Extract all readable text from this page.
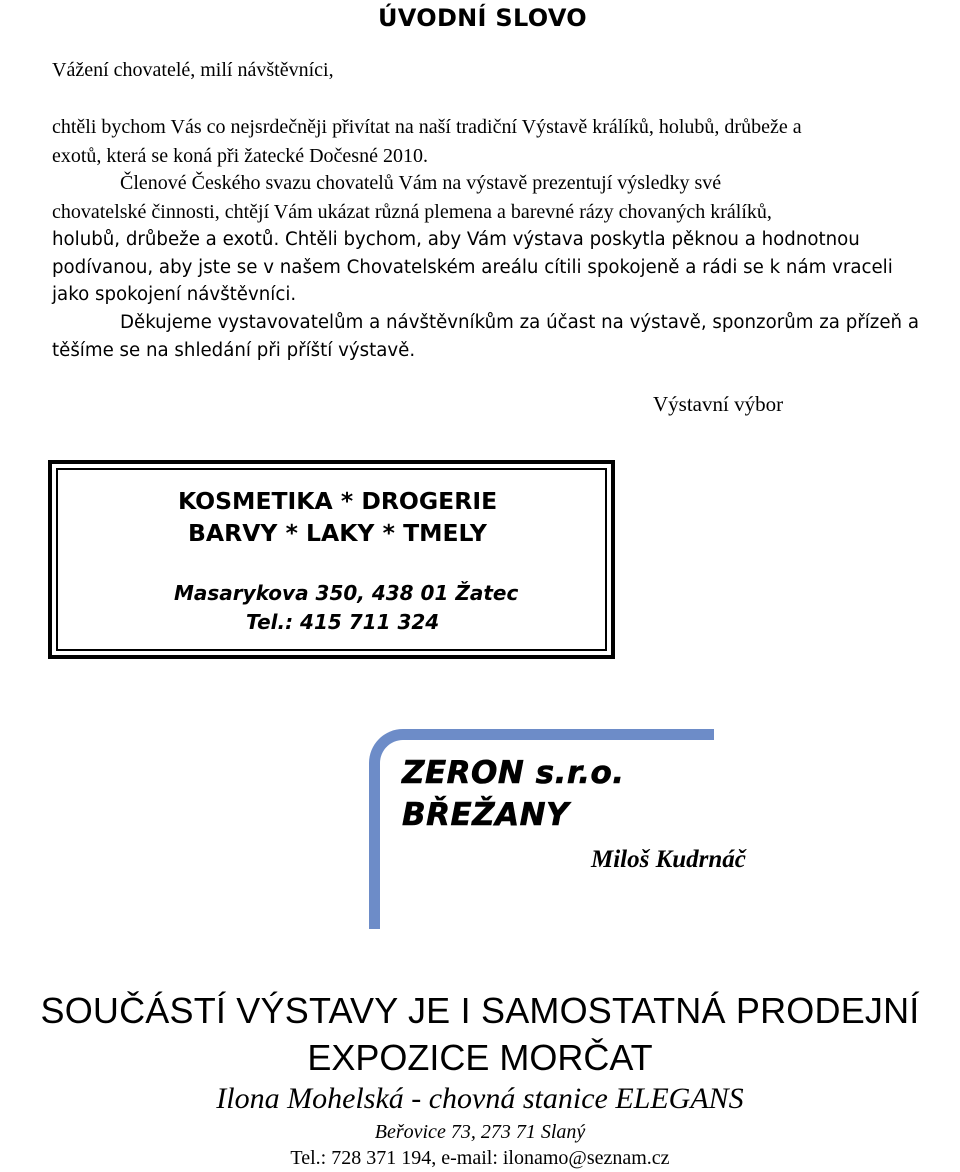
ÚVODNÍ SLOVO
Vážení chovatelé, milí návštěvníci,
chtěli bychom Vás co nejsrdečněji přivítat na naší tradiční Výstavě králíků, holubů, drůbeže a
exotů, která se koná při žatecké Dočesné 2010.
Členové Českého svazu chovatelů Vám na výstavě prezentují výsledky své
chovatelské činnosti, chtějí Vám ukázat různá plemena a barevné rázy chovaných králíků,
holubů, drůbeže a exotů. Chtěli bychom, aby Vám výstava poskytla pěknou a hodnotnou
podívanou, aby jste se v našem Chovatelském areálu cítili spokojeně a rádi se k nám vraceli
jako spokojení návštěvníci.
Děkujeme vystavovatelům a návštěvníkům za účast na výstavě, sponzorům za přízeň a
těšíme se na shledání při příští výstavě.
Výstavní výbor
KOSMETIKA * DROGERIE
BARVY * LAKY * TMELY
Masarykova 350, 438 01 Žatec
Tel.: 415 711 324
ZERON s.r.o.
BŘEŽANY
Miloš Kudrnáč
SOUČÁSTÍ VÝSTAVY JE I SAMOSTATNÁ PRODEJNÍ
EXPOZICE MORČAT
Ilona Mohelská - chovná stanice ELEGANS
Beřovice 73, 273 71 Slaný
Tel.: 728 371 194, e-mail: ilonamo@seznam.cz
